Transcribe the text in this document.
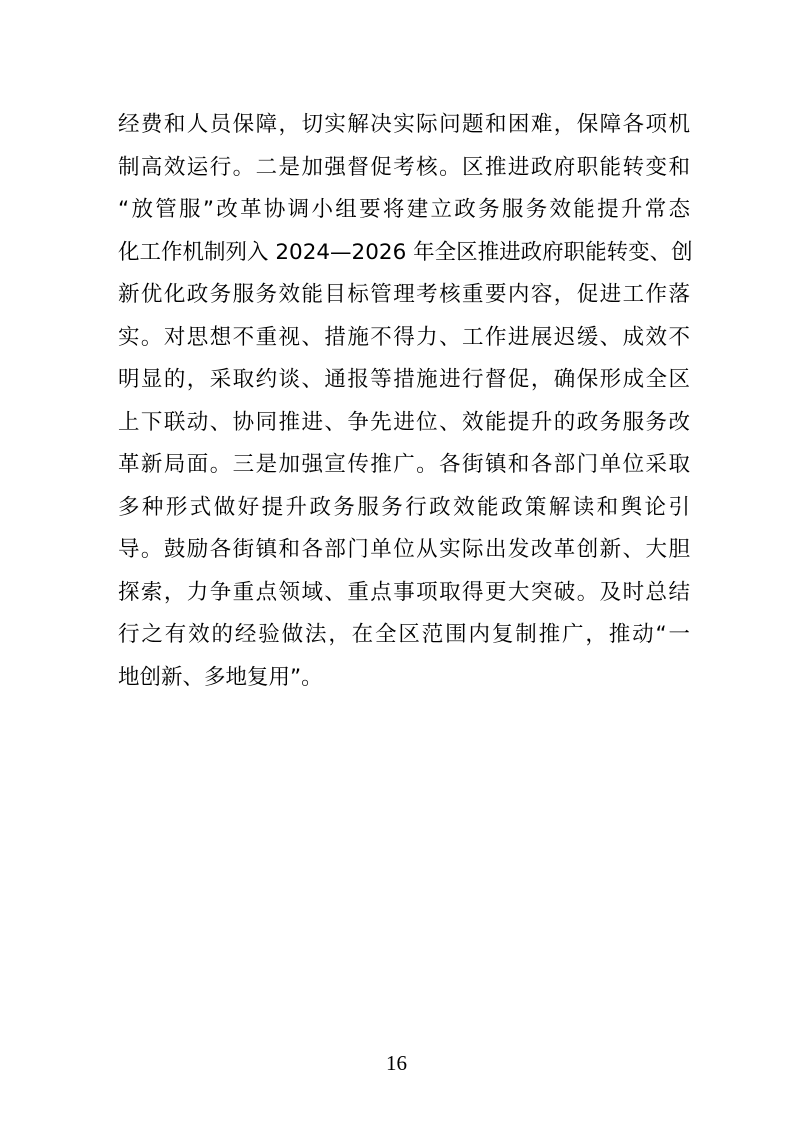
经费和人员保障，切实解决实际问题和困难，保障各项机
制高效运行。二是加强督促考核。区推进政府职能转变和
“放管服”改革协调小组要将建立政务服务效能提升常态
化工作机制列入 2024—2026 年全区推进政府职能转变、创
新优化政务服务效能目标管理考核重要内容，促进工作落
实。对思想不重视、措施不得力、工作进展迟缓、成效不
明显的，采取约谈、通报等措施进行督促，确保形成全区
上下联动、协同推进、争先进位、效能提升的政务服务改
革新局面。三是加强宣传推广。各街镇和各部门单位采取
多种形式做好提升政务服务行政效能政策解读和舆论引
导。鼓励各街镇和各部门单位从实际出发改革创新、大胆
探索，力争重点领域、重点事项取得更大突破。及时总结
行之有效的经验做法，在全区范围内复制推广，推动“一
地创新、多地复用”。
16
